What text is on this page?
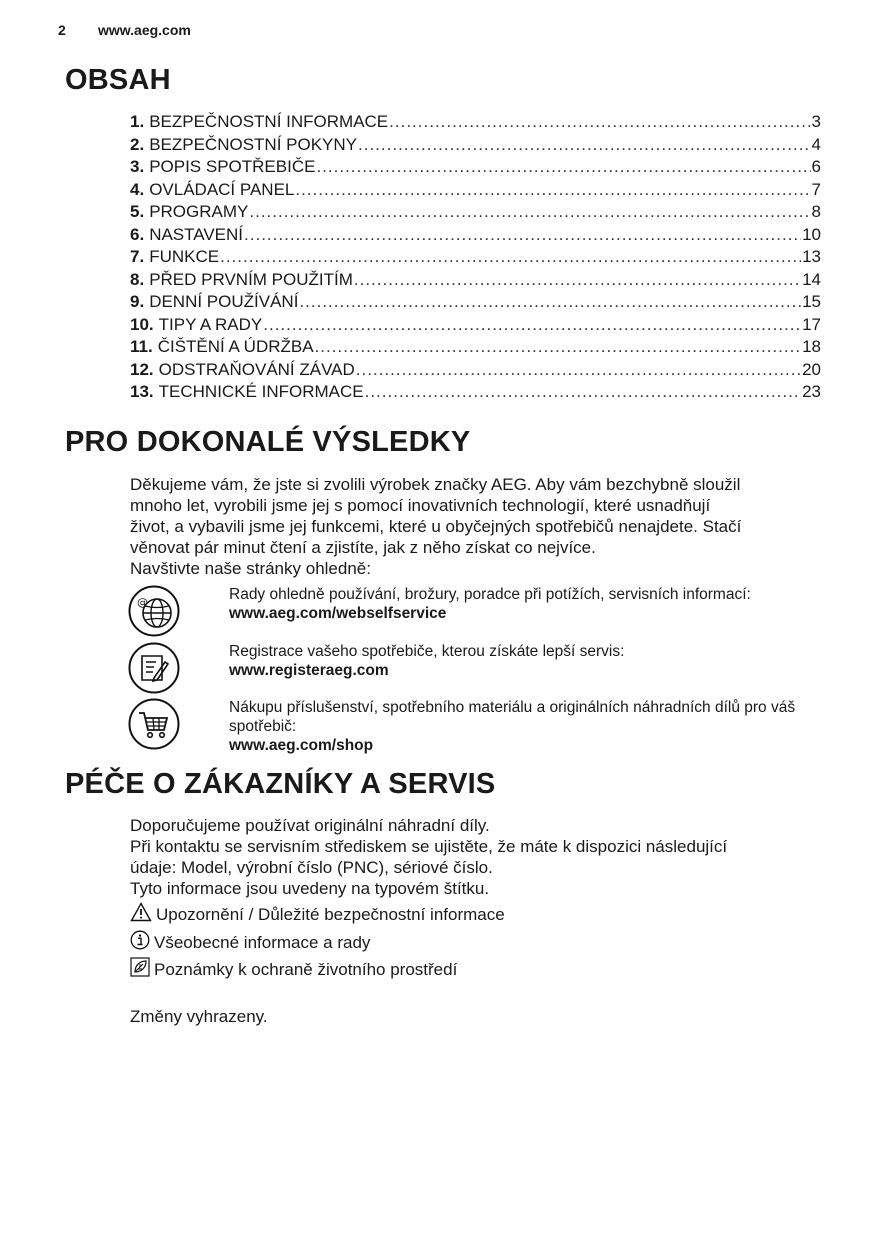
2 www.aeg.com
OBSAH
1. BEZPEČNOSTNÍ INFORMACE .....	3
2. BEZPEČNOSTNÍ POKYNY .....	4
3. POPIS SPOTŘEBIČE .....	6
4. OVLÁDACÍ PANEL .....	7
5. PROGRAMY .....	8
6. NASTAVENÍ .....	10
7. FUNKCE .....	13
8. PŘED PRVNÍM POUŽITÍM .....	14
9. DENNÍ POUŽÍVÁNÍ .....	15
10. TIPY A RADY .....	17
11. ČIŠTĚNÍ A ÚDRŽBA .....	18
12. ODSTRAŇOVÁNÍ ZÁVAD .....	20
13. TECHNICKÉ INFORMACE .....	23
PRO DOKONALÉ VÝSLEDKY

Děkujeme vám, že jste si zvolili výrobek značky AEG. Aby vám bezchybně sloužil

mnoho let, vyrobili jsme jej s pomocí inovativních technologií, které usnadňují

život, a vybavili jsme jej funkcemi, které u obyčejných spotřebičů nenajdete. Stačí

věnovat pár minut čtení a zjistíte, jak z něho získat co nejvíce.

Navštivte naše stránky ohledně:

@	Rady ohledně používání, brožury, poradce při potížích, servisních informací:
www.aeg.com/webselfservice
Registrace vašeho spotřebiče, kterou získáte lepší servis:
www.registeraeg.com
Nákupu příslušenství, spotřebního materiálu a originálních náhradních dílů pro váš spotřebič:
www.aeg.com/shop
PÉČE O ZÁKAZNÍKY A SERVIS

Doporučujeme používat originální náhradní díly.

Při kontaktu se servisním střediskem se ujistěte, že máte k dispozici následující

údaje: Model, výrobní číslo (PNC), sériové číslo.

Tyto informace jsou uvedeny na typovém štítku.

Upozornění / Důležité bezpečnostní informace
Všeobecné informace a rady
Poznámky k ochraně životního prostředí
Změny vyhrazeny.
